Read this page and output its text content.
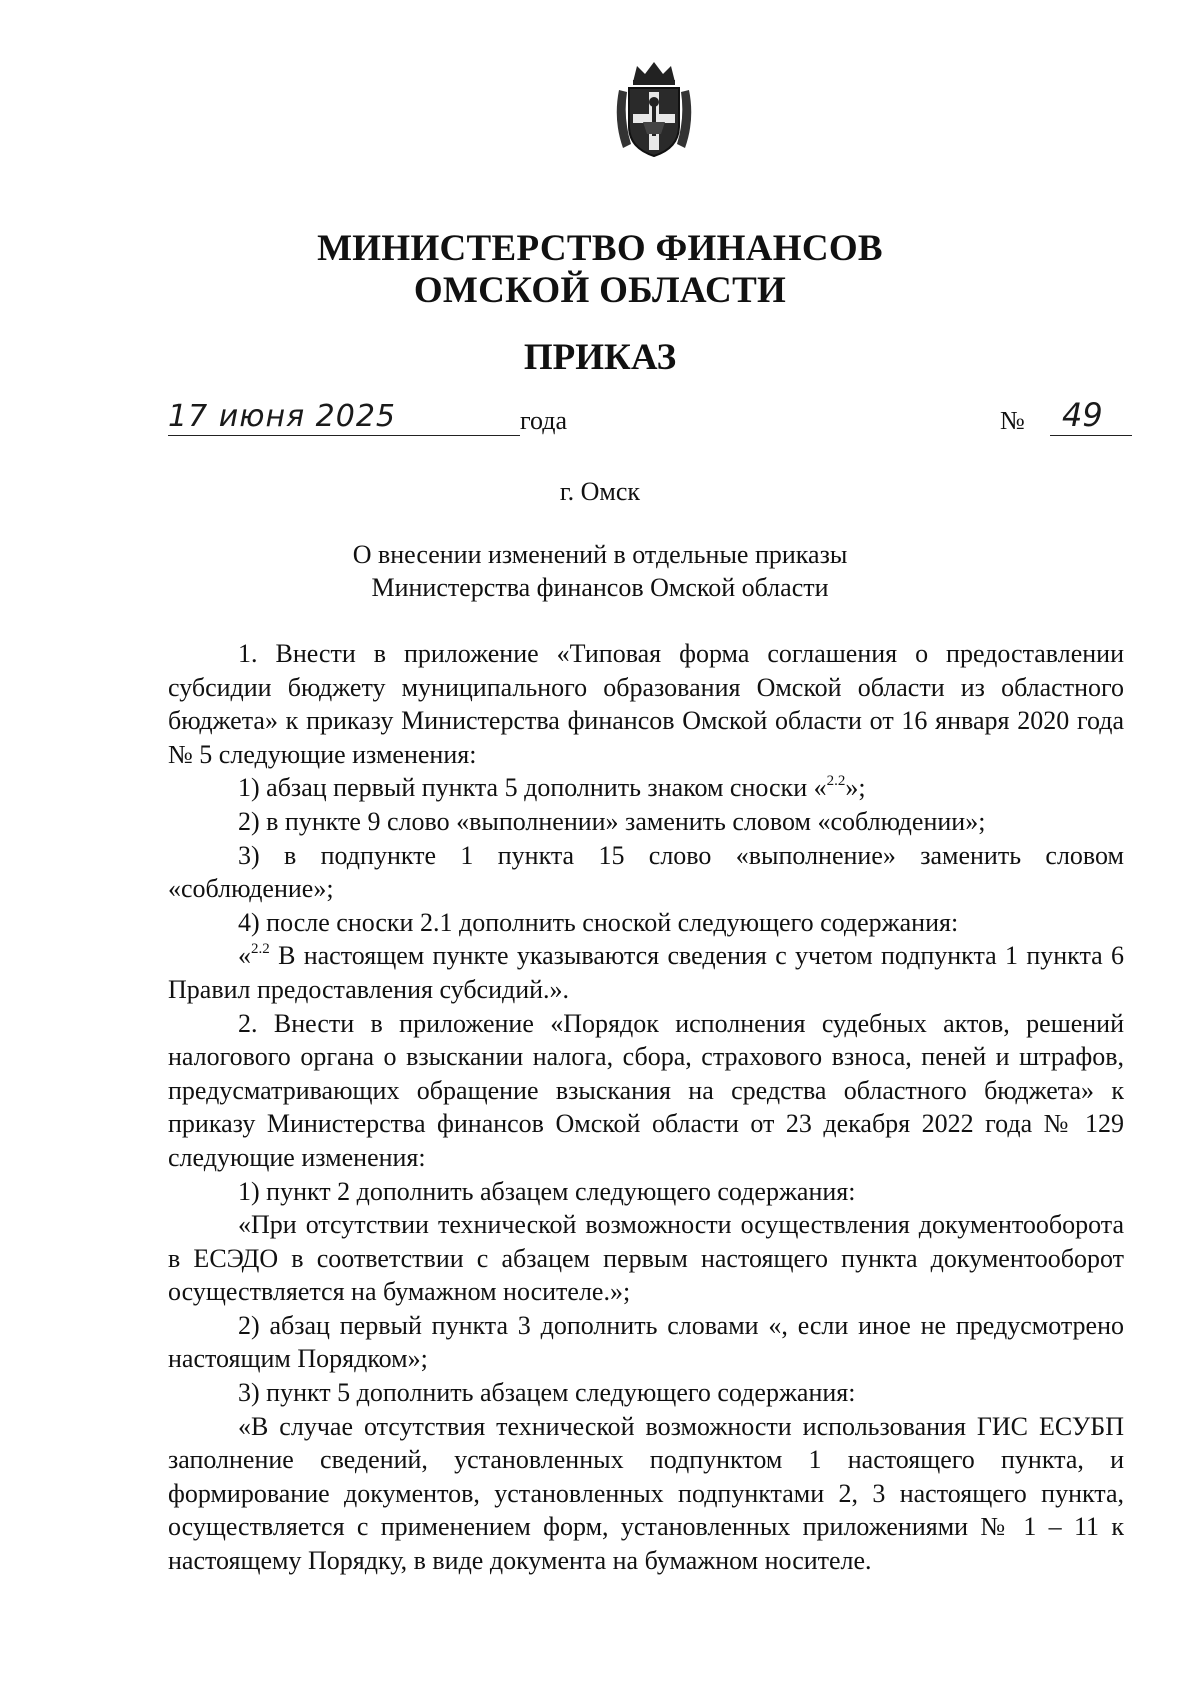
МИНИСТЕРСТВО ФИНАНСОВ
ОМСКОЙ ОБЛАСТИ
ПРИКАЗ
17 июня 2025	года	№ 49
г. Омск
О внесении изменений в отдельные приказы
Министерства финансов Омской области

1. Внести в приложение «Типовая форма соглашения о предоставлении субсидии бюджету муниципального образования Омской области из областного бюджета» к приказу Министерства финансов Омской области от 16 января 2020 года № 5 следующие изменения:

1) абзац первый пункта 5 дополнить знаком сноски «$^{2.2}$»;

2) в пункте 9 слово «выполнении» заменить словом «соблюдении»;

3) в подпункте 1 пункта 15 слово «выполнение» заменить словом «соблюдение»;

4) после сноски 2.1 дополнить сноской следующего содержания:

«$^{2.2}$ В настоящем пункте указываются сведения с учетом подпункта 1 пункта 6 Правил предоставления субсидий.».

2. Внести в приложение «Порядок исполнения судебных актов, решений налогового органа о взыскании налога, сбора, страхового взноса, пеней и штрафов, предусматривающих обращение взыскания на средства областного бюджета» к приказу Министерства финансов Омской области от 23 декабря 2022 года № 129 следующие изменения:

1) пункт 2 дополнить абзацем следующего содержания:

«При отсутствии технической возможности осуществления документооборота в ЕСЭДО в соответствии с абзацем первым настоящего пункта документооборот осуществляется на бумажном носителе.»;

2) абзац первый пункта 3 дополнить словами «, если иное не предусмотрено настоящим Порядком»;

3) пункт 5 дополнить абзацем следующего содержания:

«В случае отсутствия технической возможности использования ГИС ЕСУБП заполнение сведений, установленных подпунктом 1 настоящего пункта, и формирование документов, установленных подпунктами 2, 3 настоящего пункта, осуществляется с применением форм, установленных приложениями № 1 – 11 к настоящему Порядку, в виде документа на бумажном носителе.
